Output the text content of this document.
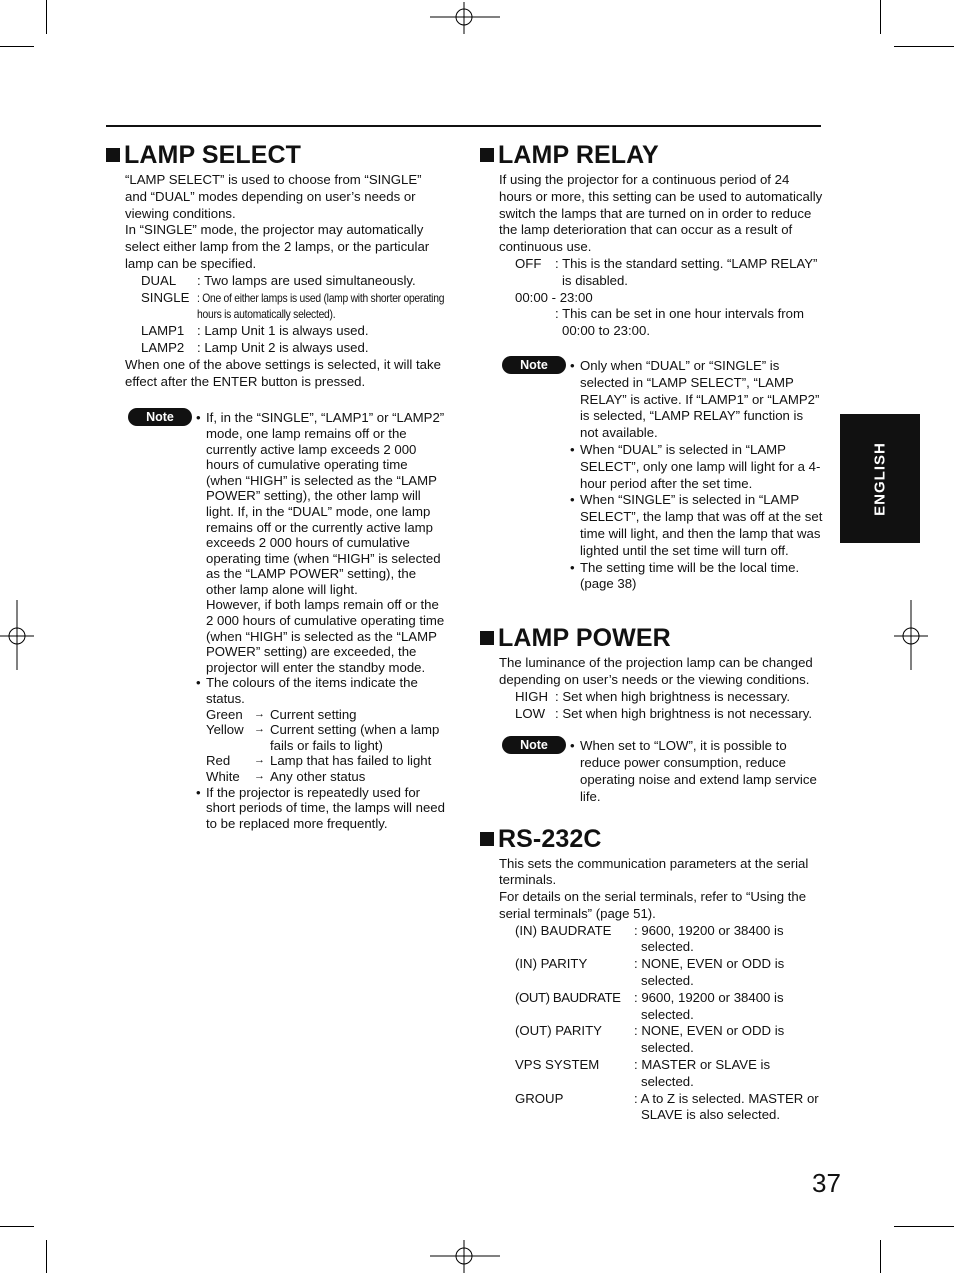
LAMP SELECT

“LAMP SELECT” is used to choose from “SINGLE” and “DUAL” modes depending on user’s needs or viewing conditions.

In “SINGLE” mode, the projector may automatically select either lamp from the 2 lamps, or the particular lamp can be specified.

DUAL	: Two lamps are used simultaneously.
SINGLE : One of either lamps is used (lamp with shorter operating hours is automatically selected).
LAMP1 : Lamp Unit 1 is always used.
LAMP2 : Lamp Unit 2 is always used.

When one of the above settings is selected, it will take effect after the ENTER button is pressed.

Note	• If, in the “SINGLE”, “LAMP1” or “LAMP2” mode, one lamp remains off or the currently active lamp exceeds 2 000 hours of cumulative operating time (when “HIGH” is selected as the “LAMP POWER” setting), the other lamp will light. If, in the “DUAL” mode, one lamp remains off or the currently active lamp exceeds 2 000 hours of cumulative operating time (when “HIGH” is selected as the “LAMP POWER” setting), the other lamp alone will light.
However, if both lamps remain off or the 2 000 hours of cumulative operating time (when “HIGH” is selected as the “LAMP POWER” setting) are exceeded, the projector will enter the standby mode.
• The colours of the items indicate the status.
Green	→ Current setting
Yellow → Current setting (when a lamp fails or fails to light)
Red	→ Lamp that has failed to light
White	→ Any other status
• If the projector is repeatedly used for short periods of time, the lamps will need to be replaced more frequently.
LAMP RELAY

If using the projector for a continuous period of 24 hours or more, this setting can be used to automatically switch the lamps that are turned on in order to reduce the lamp deterioration that can occur as a result of continuous use.

OFF	: This is the standard setting. “LAMP RELAY” is disabled.
00:00 - 23:00
: This can be set in one hour intervals from 00:00 to 23:00.
Note	• Only when “DUAL” or “SINGLE” is selected in “LAMP SELECT”, “LAMP RELAY” is active. If “LAMP1” or “LAMP2” is selected, “LAMP RELAY” function is not available.
• When “DUAL” is selected in “LAMP SELECT”, only one lamp will light for a 4-hour period after the set time.
• When “SINGLE” is selected in “LAMP SELECT”, the lamp that was off at the set time will light, and then the lamp that was lighted until the set time will turn off.
• The setting time will be the local time. (page 38)
LAMP POWER

The luminance of the projection lamp can be changed depending on user’s needs or the viewing conditions.

HIGH : Set when high brightness is necessary.
LOW : Set when high brightness is not necessary.
Note	• When set to “LOW”, it is possible to reduce power consumption, reduce operating noise and extend lamp service life.
RS-232C

This sets the communication parameters at the serial terminals.

For details on the serial terminals, refer to “Using the serial terminals” (page 51).

(IN) BAUDRATE	: 9600, 19200 or 38400 is selected.
(IN) PARITY	: NONE, EVEN or ODD is selected.
(OUT) BAUDRATE	: 9600, 19200 or 38400 is selected.
(OUT) PARITY	: NONE, EVEN or ODD is selected.
VPS SYSTEM	: MASTER or SLAVE is selected.
GROUP	: A to Z is selected. MASTER or SLAVE is also selected.
ENGLISH
37
